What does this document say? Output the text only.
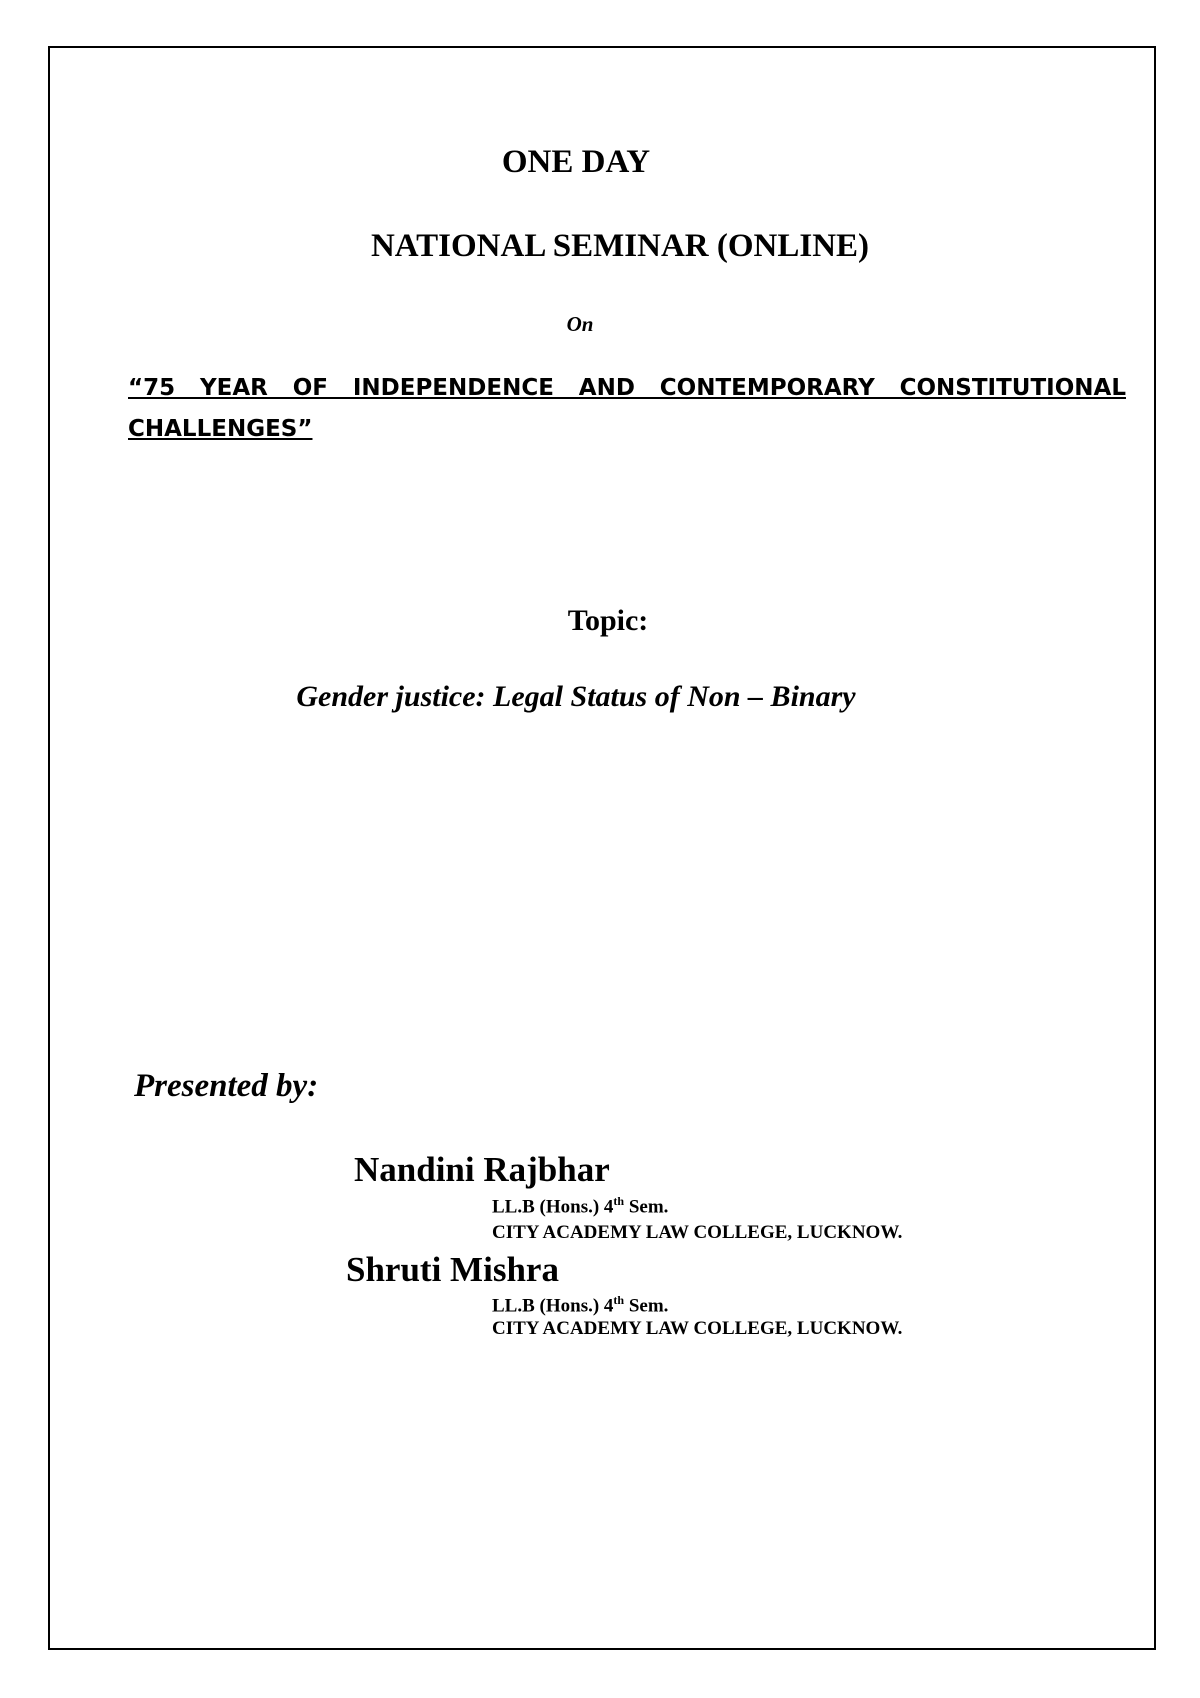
ONE DAY
NATIONAL SEMINAR (ONLINE)
On
“75 YEAR OF INDEPENDENCE AND CONTEMPORARY CONSTITUTIONAL CHALLENGES”
Topic:
Gender justice: Legal Status of Non – Binary
Presented by:
Nandini Rajbhar
LL.B (Hons.) 4th Sem.
CITY ACADEMY LAW COLLEGE, LUCKNOW.
Shruti Mishra
LL.B (Hons.) 4th Sem.
CITY ACADEMY LAW COLLEGE, LUCKNOW.
